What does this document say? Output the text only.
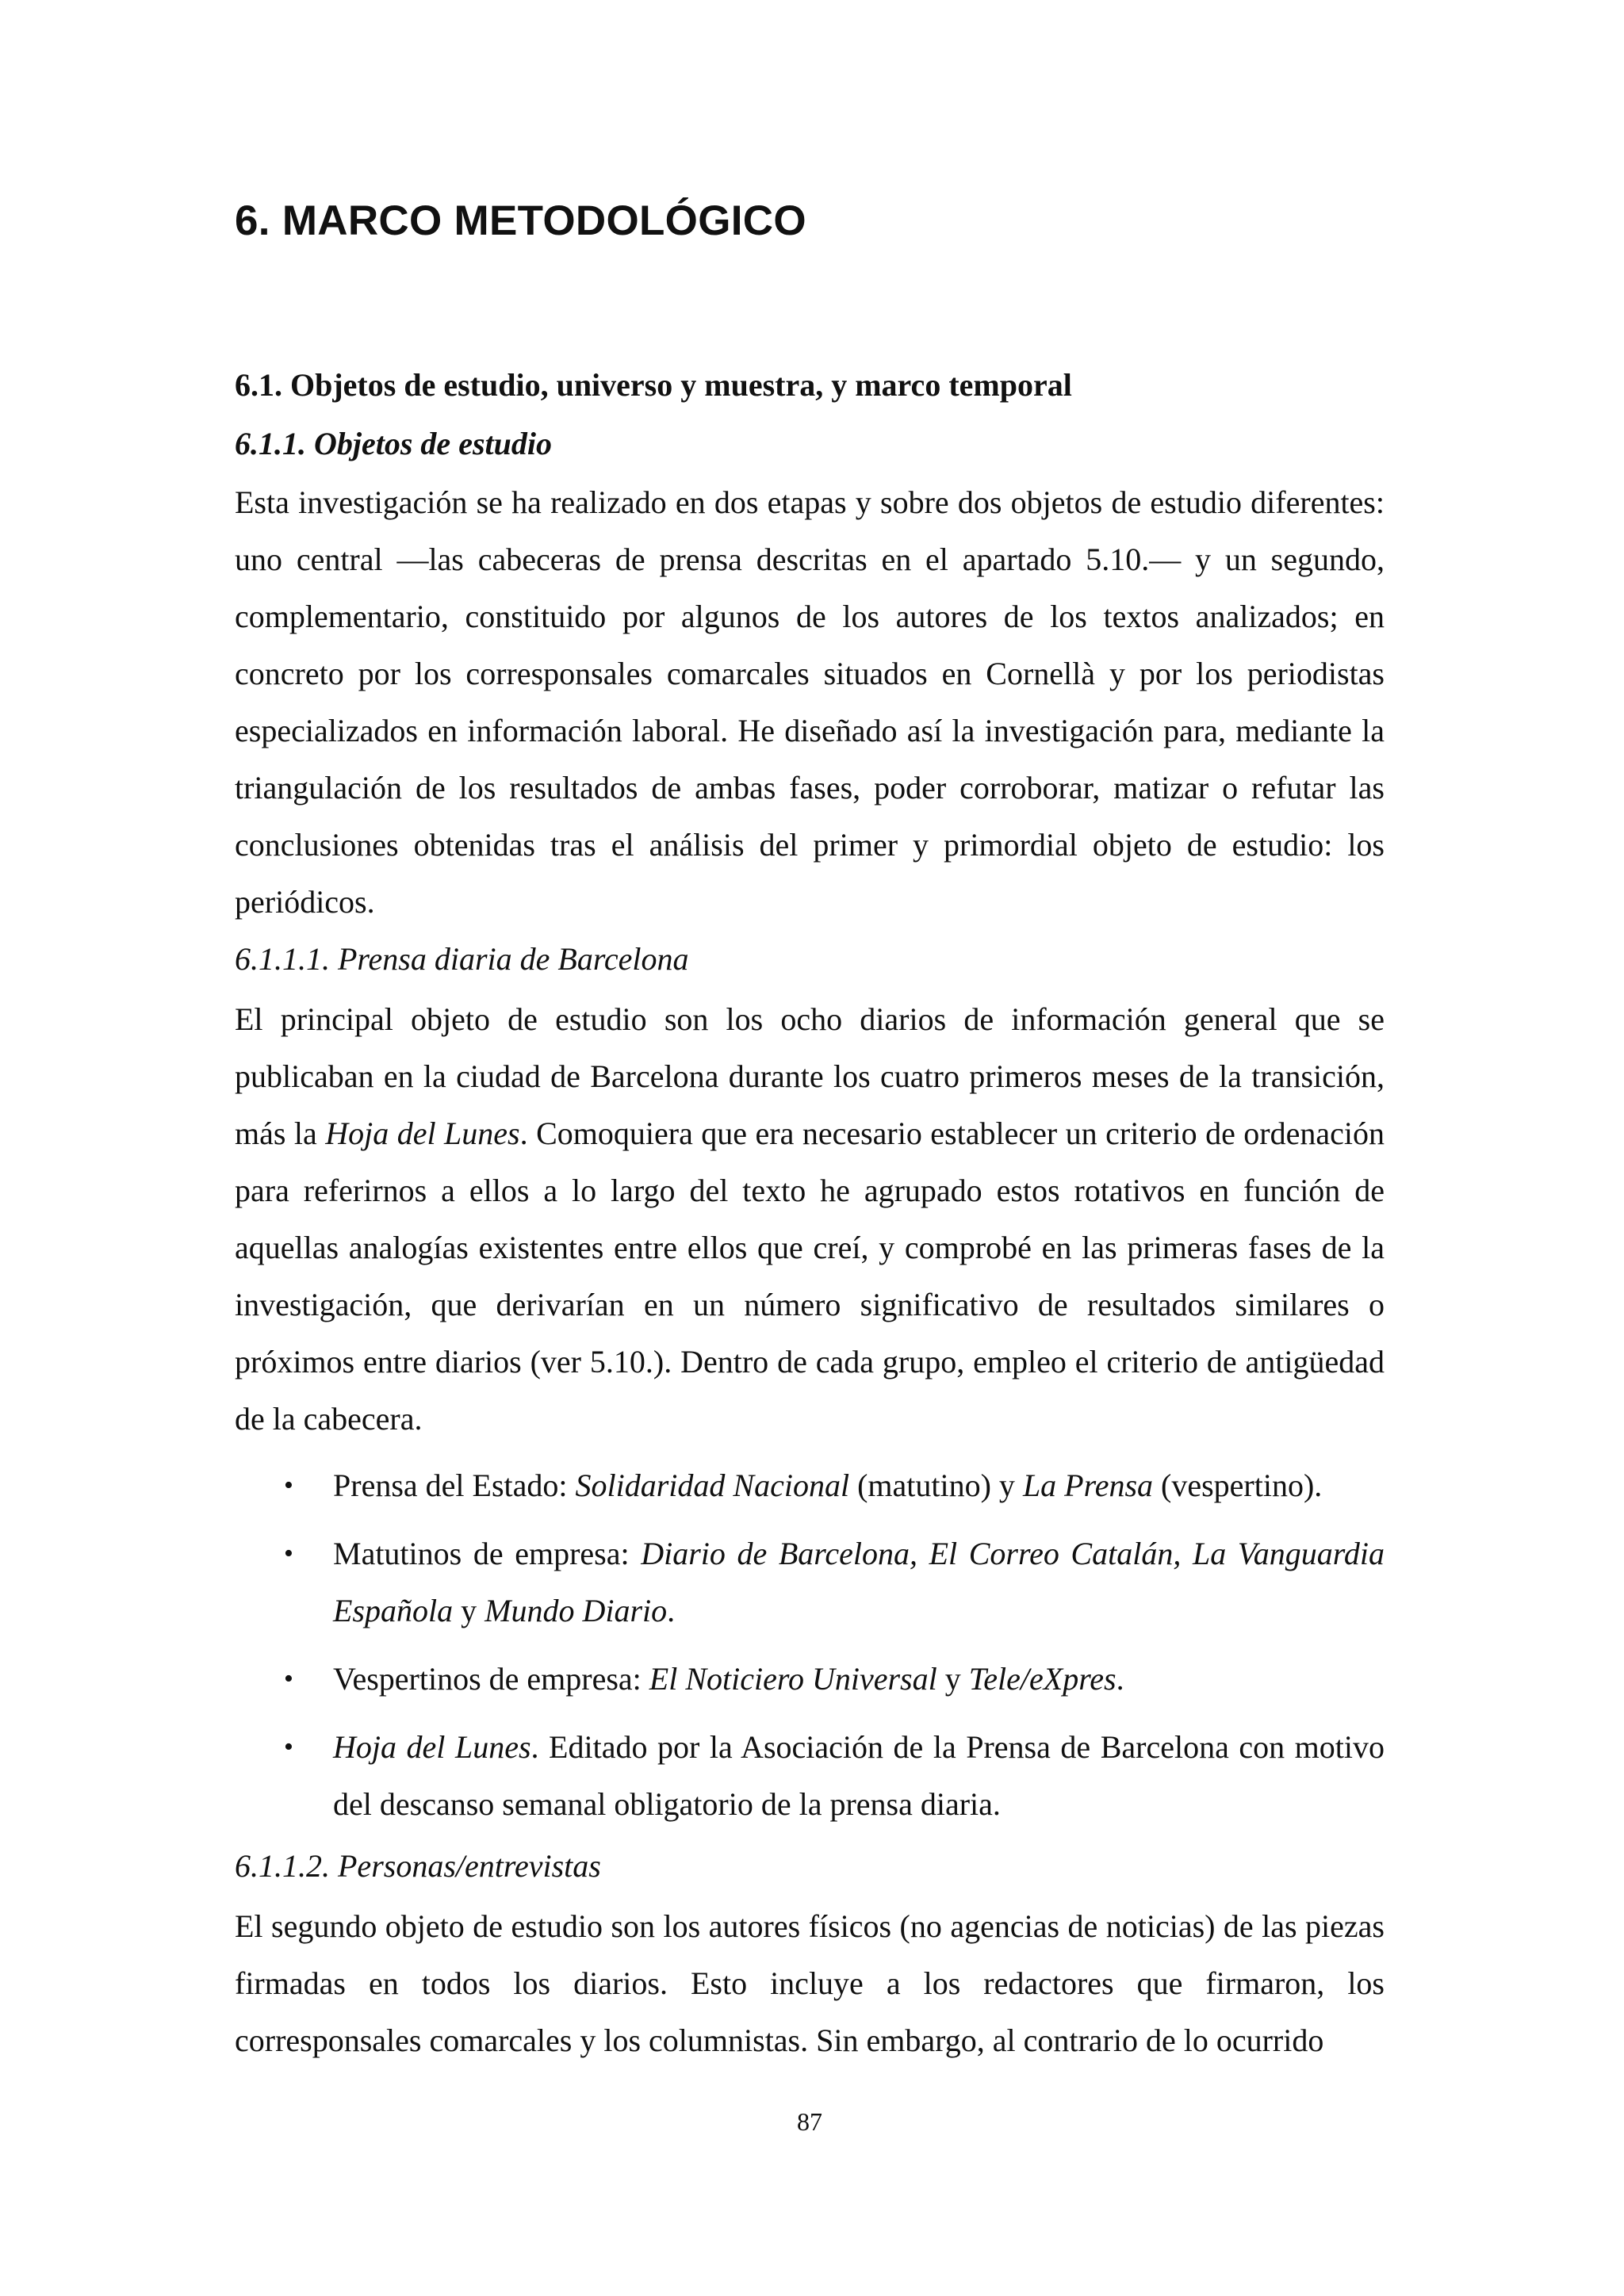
6. MARCO METODOLÓGICO
6.1. Objetos de estudio, universo y muestra, y marco temporal
6.1.1. Objetos de estudio

Esta investigación se ha realizado en dos etapas y sobre dos objetos de estudio diferentes: uno central —las cabeceras de prensa descritas en el apartado 5.10.— y un segundo, complementario, constituido por algunos de los autores de los textos analizados; en concreto por los corresponsales comarcales situados en Cornellà y por los periodistas especializados en información laboral. He diseñado así la investigación para, mediante la triangulación de los resultados de ambas fases, poder corroborar, matizar o refutar las conclusiones obtenidas tras el análisis del primer y primordial objeto de estudio: los periódicos.

6.1.1.1. Prensa diaria de Barcelona

El principal objeto de estudio son los ocho diarios de información general que se publicaban en la ciudad de Barcelona durante los cuatro primeros meses de la transición, más la Hoja del Lunes. Comoquiera que era necesario establecer un criterio de ordenación para referirnos a ellos a lo largo del texto he agrupado estos rotativos en función de aquellas analogías existentes entre ellos que creí, y comprobé en las primeras fases de la investigación, que derivarían en un número significativo de resultados similares o próximos entre diarios (ver 5.10.). Dentro de cada grupo, empleo el criterio de antigüedad de la cabecera.

• Prensa del Estado: Solidaridad Nacional (matutino) y La Prensa (vespertino).
• Matutinos de empresa: Diario de Barcelona, El Correo Catalán, La Vanguardia Española y Mundo Diario.
• Vespertinos de empresa: El Noticiero Universal y Tele/eXpres.
• Hoja del Lunes. Editado por la Asociación de la Prensa de Barcelona con motivo del descanso semanal obligatorio de la prensa diaria.
6.1.1.2. Personas/entrevistas

El segundo objeto de estudio son los autores físicos (no agencias de noticias) de las piezas firmadas en todos los diarios. Esto incluye a los redactores que firmaron, los corresponsales comarcales y los columnistas. Sin embargo, al contrario de lo ocurrido

87
